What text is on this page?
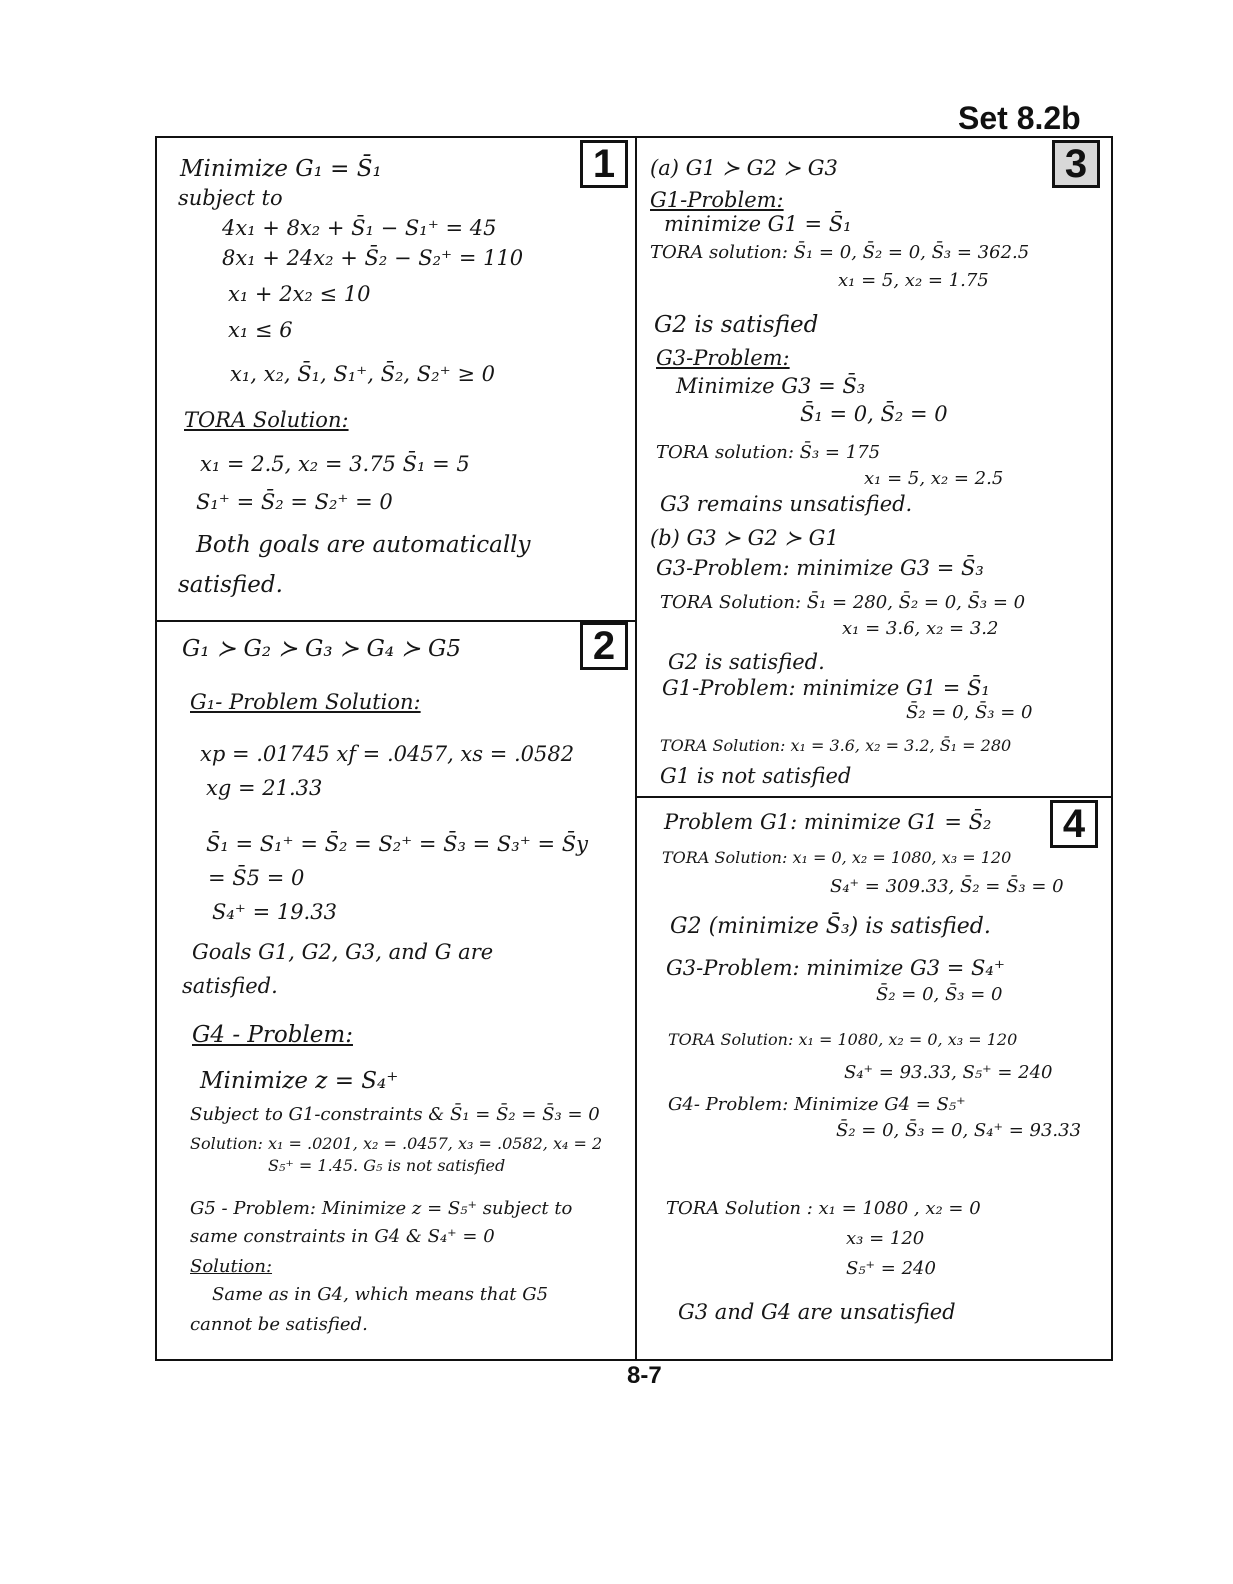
Set 8.2b
1
2
3
4
Minimize G₁ = S̄₁
subject to
4x₁ + 8x₂ + S̄₁ − S₁⁺ = 45
8x₁ + 24x₂ + S̄₂ − S₂⁺ = 110
x₁ + 2x₂ ≤ 10
x₁ ≤ 6
x₁, x₂, S̄₁, S₁⁺, S̄₂, S₂⁺ ≥ 0
TORA Solution:
x₁ = 2.5, x₂ = 3.75 S̄₁ = 5
S₁⁺ = S̄₂ = S₂⁺ = 0
Both goals are automatically
satisfied.
G₁ ≻ G₂ ≻ G₃ ≻ G₄ ≻ G5
G₁- Problem Solution:
xp = .01745 xf = .0457, xs = .0582
xg = 21.33
S̄₁ = S₁⁺ = S̄₂ = S₂⁺ = S̄₃ = S₃⁺ = S̄y
= S̄5 = 0
S₄⁺ = 19.33
Goals G1, G2, G3, and G are
satisfied.
G4 - Problem:
Minimize z = S₄⁺
Subject to G1-constraints & S̄₁ = S̄₂ = S̄₃ = 0
Solution: x₁ = .0201, x₂ = .0457, x₃ = .0582, x₄ = 2
S₅⁺ = 1.45. G₅ is not satisfied
G5 - Problem: Minimize z = S₅⁺ subject to
same constraints in G4 & S₄⁺ = 0
Solution:
Same as in G4, which means that G5
cannot be satisfied.
(a) G1 ≻ G2 ≻ G3
G1-Problem:
minimize G1 = S̄₁
TORA solution: S̄₁ = 0, S̄₂ = 0, S̄₃ = 362.5
x₁ = 5, x₂ = 1.75
G2 is satisfied
G3-Problem:
Minimize G3 = S̄₃
S̄₁ = 0, S̄₂ = 0
TORA solution: S̄₃ = 175
x₁ = 5, x₂ = 2.5
G3 remains unsatisfied.
(b) G3 ≻ G2 ≻ G1
G3-Problem: minimize G3 = S̄₃
TORA Solution: S̄₁ = 280, S̄₂ = 0, S̄₃ = 0
x₁ = 3.6, x₂ = 3.2
G2 is satisfied.
G1-Problem: minimize G1 = S̄₁
S̄₂ = 0, S̄₃ = 0
TORA Solution: x₁ = 3.6, x₂ = 3.2, S̄₁ = 280
G1 is not satisfied
Problem G1: minimize G1 = S̄₂
TORA Solution: x₁ = 0, x₂ = 1080, x₃ = 120
S₄⁺ = 309.33, S̄₂ = S̄₃ = 0
G2 (minimize S̄₃) is satisfied.
G3-Problem: minimize G3 = S₄⁺
S̄₂ = 0, S̄₃ = 0
TORA Solution: x₁ = 1080, x₂ = 0, x₃ = 120
S₄⁺ = 93.33, S₅⁺ = 240
G4- Problem: Minimize G4 = S₅⁺
S̄₂ = 0, S̄₃ = 0, S₄⁺ = 93.33
TORA Solution : x₁ = 1080 , x₂ = 0
x₃ = 120
S₅⁺ = 240
G3 and G4 are unsatisfied
8-7
